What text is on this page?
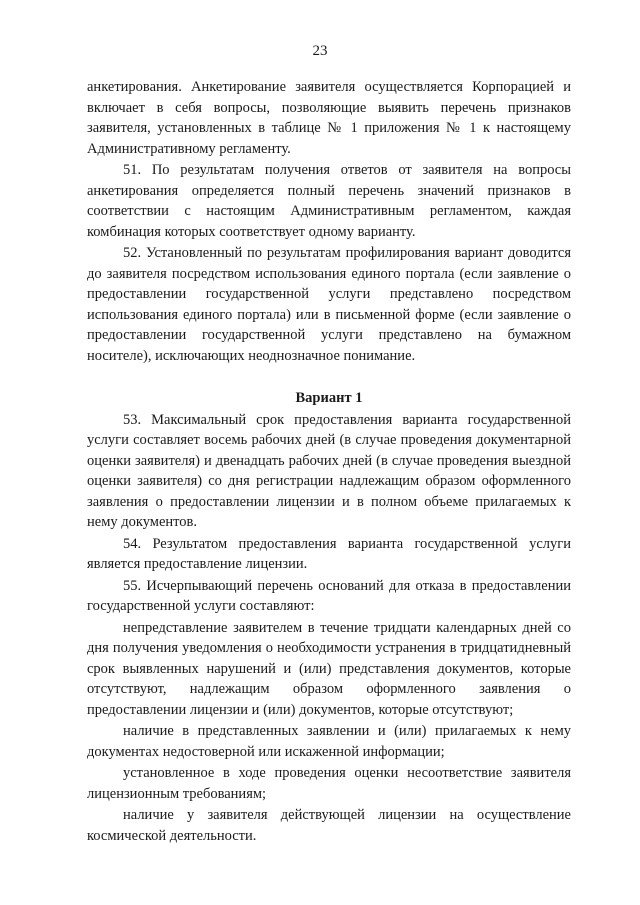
23

анкетирования. Анкетирование заявителя осуществляется Корпорацией и включает в себя вопросы, позволяющие выявить перечень признаков заявителя, установленных в таблице № 1 приложения № 1 к настоящему Административному регламенту.

51. По результатам получения ответов от заявителя на вопросы анкетирования определяется полный перечень значений признаков в соответствии с настоящим Административным регламентом, каждая комбинация которых соответствует одному варианту.

52. Установленный по результатам профилирования вариант доводится до заявителя посредством использования единого портала (если заявление о предоставлении государственной услуги представлено посредством использования единого портала) или в письменной форме (если заявление о предоставлении государственной услуги представлено на бумажном носителе), исключающих неоднозначное понимание.

Вариант 1

53. Максимальный срок предоставления варианта государственной услуги составляет восемь рабочих дней (в случае проведения документарной оценки заявителя) и двенадцать рабочих дней (в случае проведения выездной оценки заявителя) со дня регистрации надлежащим образом оформленного заявления о предоставлении лицензии и в полном объеме прилагаемых к нему документов.

54. Результатом предоставления варианта государственной услуги является предоставление лицензии.

55. Исчерпывающий перечень оснований для отказа в предоставлении государственной услуги составляют:

непредставление заявителем в течение тридцати календарных дней со дня получения уведомления о необходимости устранения в тридцатидневный срок выявленных нарушений и (или) представления документов, которые отсутствуют, надлежащим образом оформленного заявления о предоставлении лицензии и (или) документов, которые отсутствуют;

наличие в представленных заявлении и (или) прилагаемых к нему документах недостоверной или искаженной информации;

установленное в ходе проведения оценки несоответствие заявителя лицензионным требованиям;

наличие у заявителя действующей лицензии на осуществление космической деятельности.
